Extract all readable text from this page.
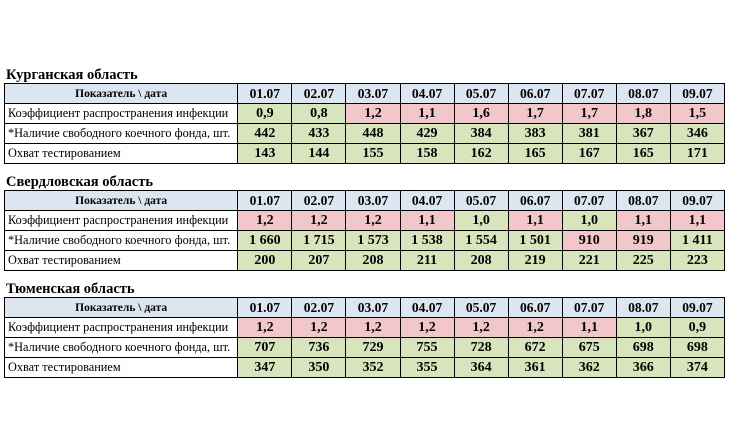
Курганская область
Показатель \ дата	01.07	02.07	03.07	04.07	05.07	06.07	07.07	08.07	09.07
Коэффициент распространения инфекции	0,9	0,8	1,2	1,1	1,6	1,7	1,7	1,8	1,5
*Наличие свободного коечного фонда, шт.	442	433	448	429	384	383	381	367	346
Охват тестированием	143	144	155	158	162	165	167	165	171
Свердловская область
Показатель \ дата	01.07	02.07	03.07	04.07	05.07	06.07	07.07	08.07	09.07
Коэффициент распространения инфекции	1,2	1,2	1,2	1,1	1,0	1,1	1,0	1,1	1,1
*Наличие свободного коечного фонда, шт.	1 660	1 715	1 573	1 538	1 554	1 501	910	919	1 411
Охват тестированием	200	207	208	211	208	219	221	225	223
Тюменская область
Показатель \ дата	01.07	02.07	03.07	04.07	05.07	06.07	07.07	08.07	09.07
Коэффициент распространения инфекции	1,2	1,2	1,2	1,2	1,2	1,2	1,1	1,0	0,9
*Наличие свободного коечного фонда, шт.	707	736	729	755	728	672	675	698	698
Охват тестированием	347	350	352	355	364	361	362	366	374
